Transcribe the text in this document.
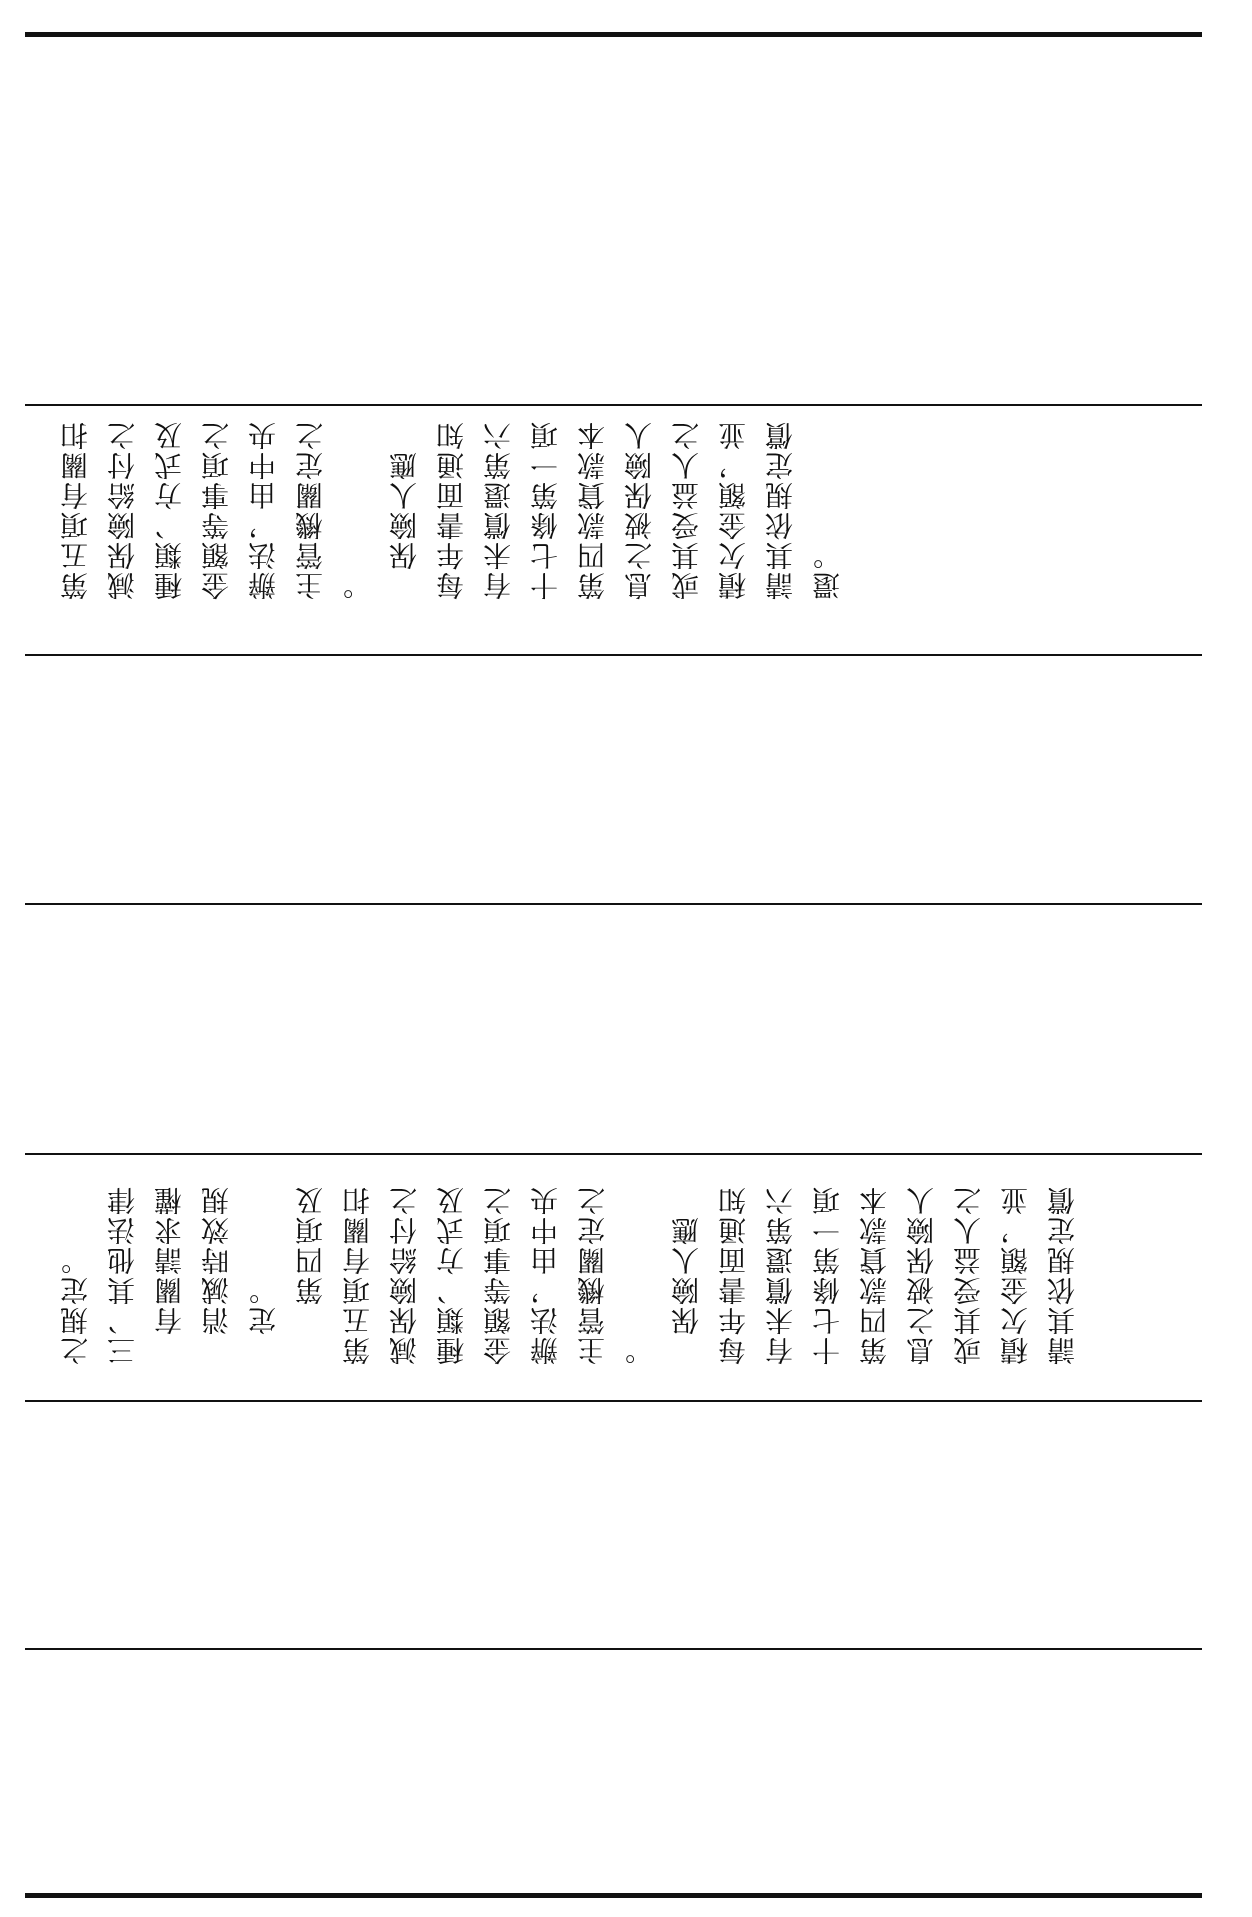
第五項有關扣 減保險給付之 種類、方式及 金額等事項之 辦法，由中央 主管機關定之 。 　保險人應 每年書面通知 有未償還第六 十七條第一項 第四款貸款本 息之被保險人 或其受益人之 積欠金額，並 請其依規定償 還。
之規定。 三、其他法律 　有關請求權 　消滅時效規 　定。 　　第四項及 第五項有關扣 減保險給付之 種類、方式及 金額等事項之 辦法，由中央 主管機關定之 。 　保險人應 每年書面通知 有未償還第六 十七條第一項 第四款貸款本 息之被保險人 或其受益人之 積欠金額，並 請其依規定償
